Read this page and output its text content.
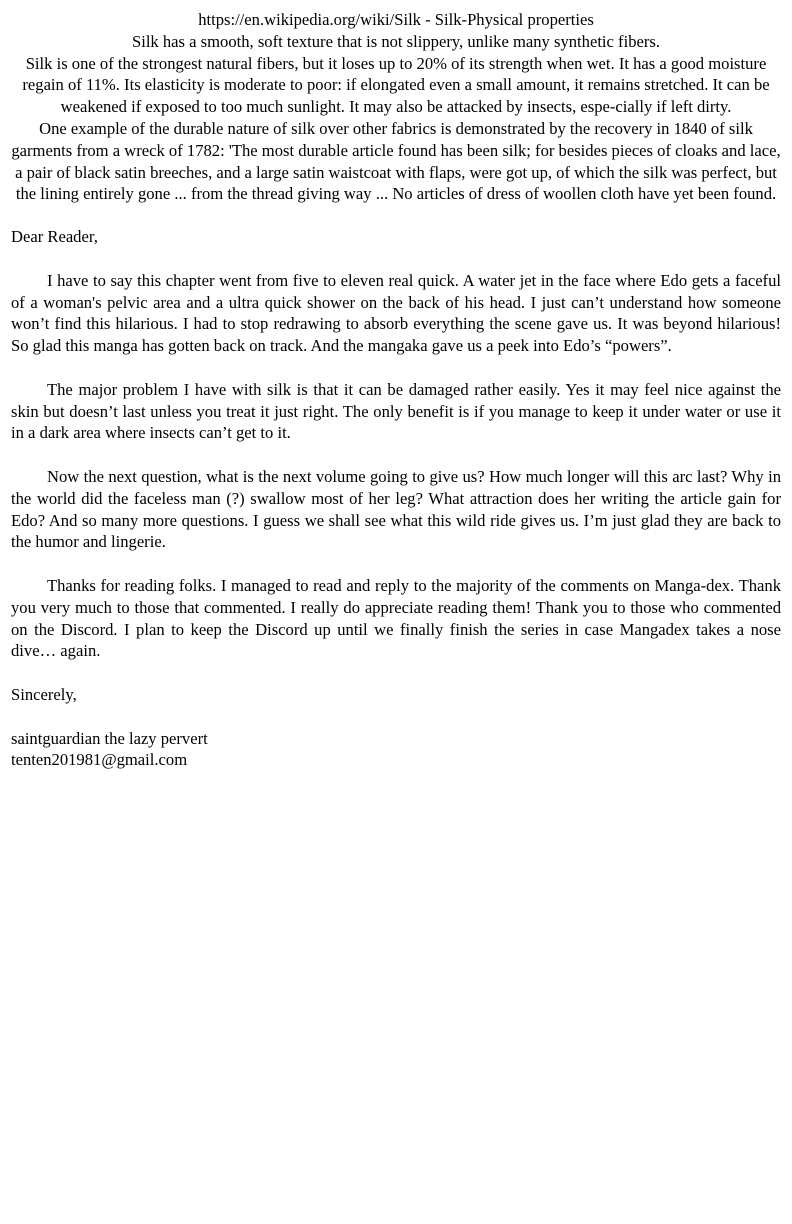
https://en.wikipedia.org/wiki/Silk - Silk-Physical properties

Silk has a smooth, soft texture that is not slippery, unlike many synthetic fibers.

Silk is one of the strongest natural fibers, but it loses up to 20% of its strength when wet. It has a good moisture regain of 11%. Its elasticity is moderate to poor: if elongated even a small amount, it remains stretched. It can be weakened if exposed to too much sunlight. It may also be attacked by insects, espe-cially if left dirty.

One example of the durable nature of silk over other fabrics is demonstrated by the recovery in 1840 of silk garments from a wreck of 1782: 'The most durable article found has been silk; for besides pieces of cloaks and lace, a pair of black satin breeches, and a large satin waistcoat with flaps, were got up, of which the silk was perfect, but the lining entirely gone ... from the thread giving way ... No articles of dress of woollen cloth have yet been found.

Dear Reader,

I have to say this chapter went from five to eleven real quick. A water jet in the face where Edo gets a faceful of a woman's pelvic area and a ultra quick shower on the back of his head. I just can’t understand how someone won’t find this hilarious. I had to stop redrawing to absorb everything the scene gave us. It was beyond hilarious! So glad this manga has gotten back on track. And the mangaka gave us a peek into Edo’s “powers”.

The major problem I have with silk is that it can be damaged rather easily. Yes it may feel nice against the skin but doesn’t last unless you treat it just right. The only benefit is if you manage to keep it under water or use it in a dark area where insects can’t get to it.

Now the next question, what is the next volume going to give us? How much longer will this arc last? Why in the world did the faceless man (?) swallow most of her leg? What attraction does her writing the article gain for Edo? And so many more questions. I guess we shall see what this wild ride gives us. I’m just glad they are back to the humor and lingerie.

Thanks for reading folks. I managed to read and reply to the majority of the comments on Manga-dex. Thank you very much to those that commented. I really do appreciate reading them! Thank you to those who commented on the Discord. I plan to keep the Discord up until we finally finish the series in case Mangadex takes a nose dive… again.

Sincerely,

saintguardian the lazy pervert

tenten201981@gmail.com
